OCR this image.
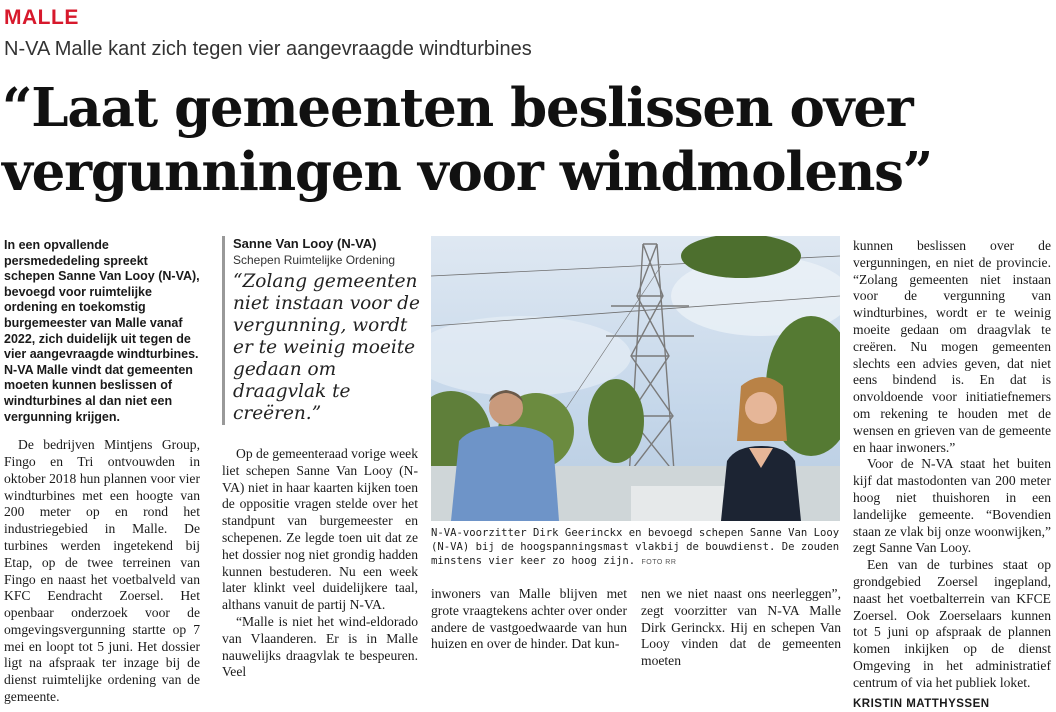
MALLE
N-VA Malle kant zich tegen vier aangevraagde windturbines
“Laat gemeenten beslissen over vergunningen voor windmolens”

In een opvallende persmededeling spreekt schepen Sanne Van Looy (N-VA), bevoegd voor ruimtelijke ordening en toekomstig burgemeester van Malle vanaf 2022, zich duidelijk uit tegen de vier aangevraagde windturbines. N-VA Malle vindt dat gemeenten moeten kunnen beslissen of windturbines al dan niet een vergunning krijgen.

De bedrijven Mintjens Group, Fingo en Tri ontvouwden in oktober 2018 hun plannen voor vier windturbines met een hoogte van 200 meter op en rond het industriegebied in Malle. De turbines werden ingetekend bij Etap, op de twee terreinen van Fingo en naast het voetbalveld van KFC Eendracht Zoersel. Het openbaar onderzoek voor de omgevingsvergunning startte op 7 mei en loopt tot 5 juni. Het dossier ligt na afspraak ter inzage bij de dienst ruimtelijke ordening van de gemeente.

Sanne Van Looy (N-VA)
Schepen Ruimtelijke Ordening
“Zolang gemeenten niet instaan voor de vergunning, wordt er te weinig moeite gedaan om draagvlak te creëren.”

Op de gemeenteraad vorige week liet schepen Sanne Van Looy (N-VA) niet in haar kaarten kijken toen de oppositie vragen stelde over het standpunt van burgemeester en schepenen. Ze legde toen uit dat ze het dossier nog niet grondig hadden kunnen bestuderen. Nu een week later klinkt veel duidelijkere taal, althans vanuit de partij N-VA.

“Malle is niet het wind-eldorado van Vlaanderen. Er is in Malle nauwelijks draagvlak te bespeuren. Veel

N-VA-voorzitter Dirk Geerinckx en bevoegd schepen Sanne Van Looy (N-VA) bij de hoogspanningsmast vlakbij de bouwdienst. De zouden minstens vier keer zo hoog zijn. FOTO RR

inwoners van Malle blijven met grote vraagtekens achter over onder andere de vastgoedwaarde van hun huizen en over de hinder. Dat kun-

nen we niet naast ons neerleggen”, zegt voorzitter van N-VA Malle Dirk Gerinckx. Hij en schepen Van Looy vinden dat de gemeenten moeten

kunnen beslissen over de vergunningen, en niet de provincie. “Zolang gemeenten niet instaan voor de vergunning van windturbines, wordt er te weinig moeite gedaan om draagvlak te creëren. Nu mogen gemeenten slechts een advies geven, dat niet eens bindend is. En dat is onvoldoende voor initiatiefnemers om rekening te houden met de wensen en grieven van de gemeente en haar inwoners.”

Voor de N-VA staat het buiten kijf dat mastodonten van 200 meter hoog niet thuishoren in een landelijke gemeente. “Bovendien staan ze vlak bij onze woonwijken,” zegt Sanne Van Looy.

Een van de turbines staat op grondgebied Zoersel ingepland, naast het voetbalterrein van KFCE Zoersel. Ook Zoerselaars kunnen tot 5 juni op afspraak de plannen komen inkijken op de dienst Omgeving in het administratief centrum of via het publiek loket.

KRISTIN MATTHYSSEN
